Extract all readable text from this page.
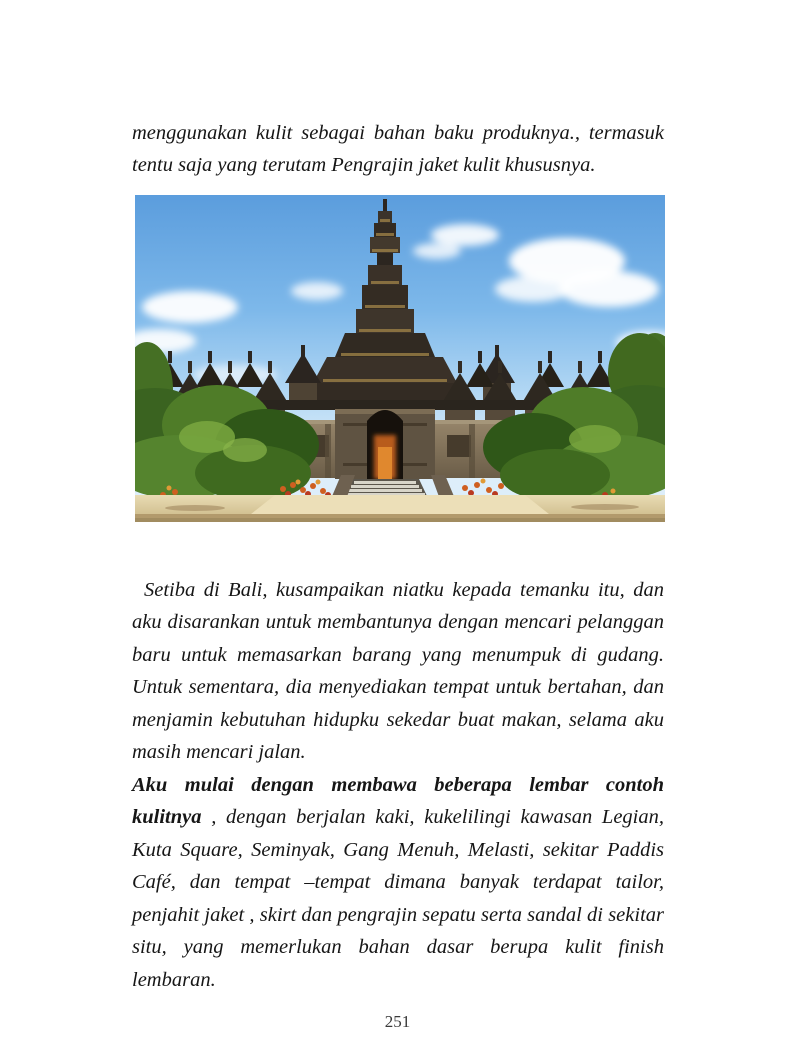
menggunakan kulit sebagai bahan baku produknya., termasuk tentu saja yang terutam Pengrajin jaket kulit khususnya.

Setiba di Bali, kusampaikan niatku kepada temanku itu, dan aku disarankan untuk membantunya dengan mencari pelanggan baru untuk memasarkan barang yang menumpuk di gudang. Untuk sementara, dia menyediakan tempat untuk bertahan, dan menjamin kebutuhan hidupku sekedar buat makan, selama aku masih mencari jalan.

Aku mulai dengan membawa beberapa lembar contoh kulitnya , dengan berjalan kaki, kukelilingi kawasan Legian, Kuta Square, Seminyak, Gang Menuh, Melasti, sekitar Paddis Café, dan tempat –tempat dimana banyak terdapat tailor, penjahit jaket , skirt dan pengrajin sepatu serta sandal di sekitar situ, yang memerlukan bahan dasar berupa kulit finish lembaran.

251
